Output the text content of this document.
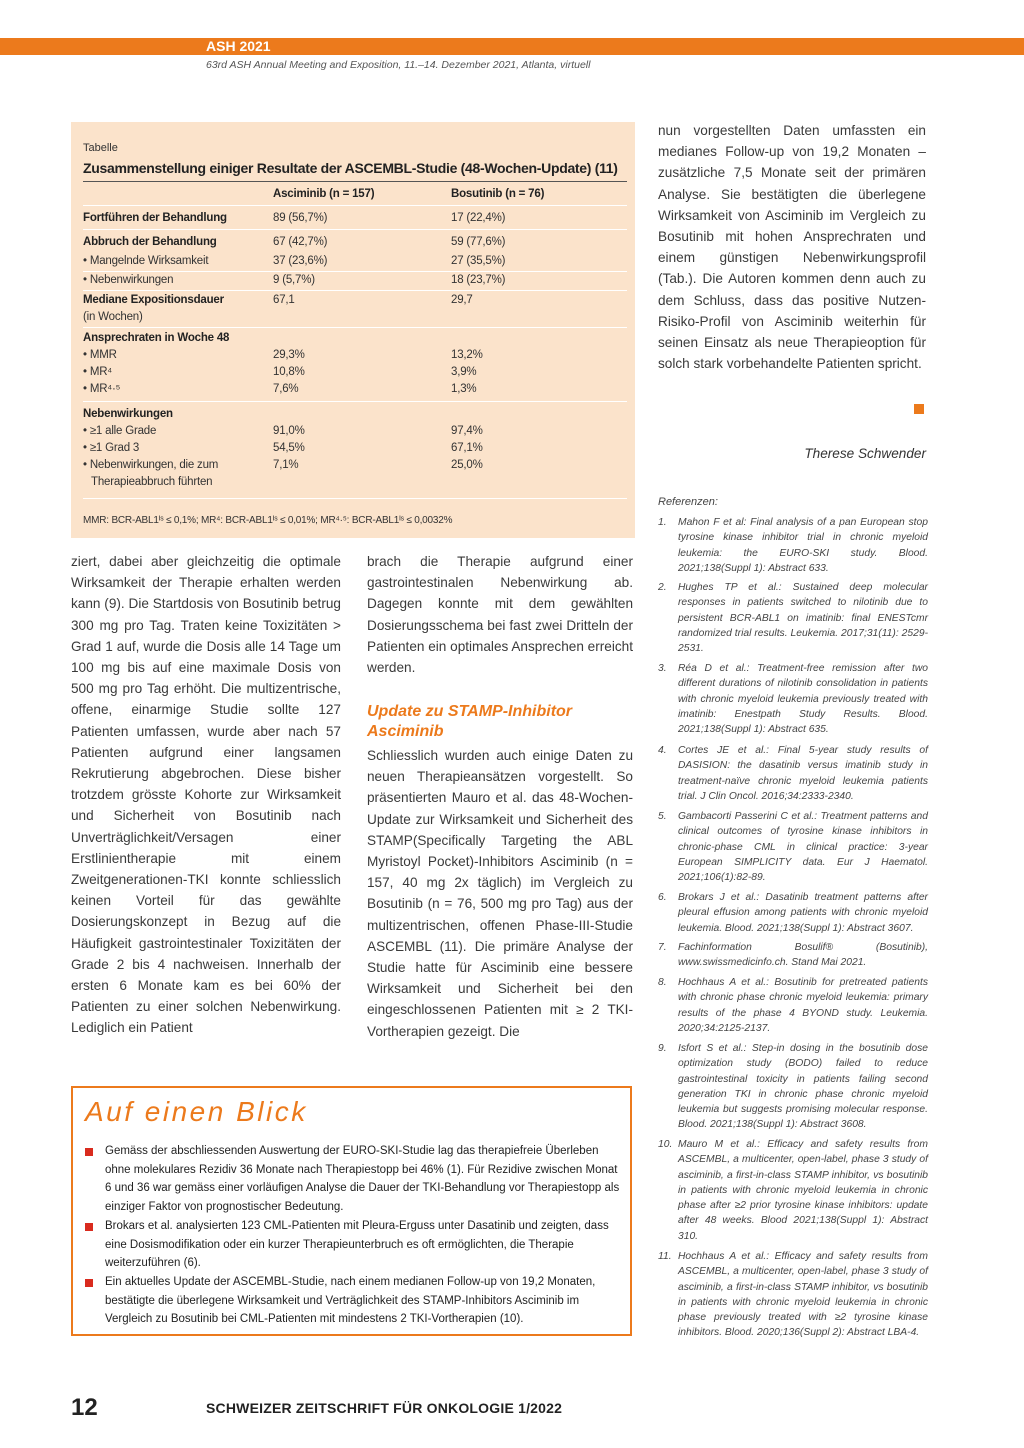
ASH 2021
63rd ASH Annual Meeting and Exposition, 11.–14. Dezember 2021, Atlanta, virtuell
Tabelle
Zusammenstellung einiger Resultate der ASCEMBL-Studie (48-Wochen-Update) (11)
Asciminib (n = 157)	Bosutinib (n = 76)
Fortführen der Behandlung	89 (56,7%)	17 (22,4%)
Abbruch der Behandlung	67 (42,7%)	59 (77,6%)
• Mangelnde Wirksamkeit	37 (23,6%)	27 (35,5%)
• Nebenwirkungen	9 (5,7%)	18 (23,7%)
Mediane Expositionsdauer
(in Wochen)
67,1	29,7
Ansprechraten in Woche 48
• MMR	29,3%	13,2%
• MR⁴	10,8%	3,9%
• MR⁴·⁵	7,6%	1,3%
Nebenwirkungen
• ≥1 alle Grade	91,0%	97,4%
• ≥1 Grad 3	54,5%	67,1%
• Nebenwirkungen, die zum
Therapieabbruch führten
7,1%	25,0%
MMR: BCR-ABL1ᴵˢ ≤ 0,1%; MR⁴: BCR-ABL1ᴵˢ ≤ 0,01%; MR⁴·⁵: BCR-ABL1ᴵˢ ≤ 0,0032%

ziert, dabei aber gleichzeitig die optimale Wirksamkeit der Therapie erhalten werden kann (9). Die Startdosis von Bosutinib betrug 300 mg pro Tag. Traten keine Toxizitäten > Grad 1 auf, wurde die Dosis alle 14 Tage um 100 mg bis auf eine maximale Dosis von 500 mg pro Tag erhöht. Die multizentrische, offene, einarmige Studie sollte 127 Patienten umfassen, wurde aber nach 57 Patienten aufgrund einer langsamen Rekrutierung abgebrochen. Diese bisher trotzdem grösste Kohorte zur Wirksamkeit und Sicherheit von Bosutinib nach Unverträglichkeit/Versagen einer Erstlinientherapie mit einem Zweitgenerationen-TKI konnte schliesslich keinen Vorteil für das gewählte Dosierungskonzept in Bezug auf die Häufigkeit gastrointestinaler Toxizitäten der Grade 2 bis 4 nachweisen. Innerhalb der ersten 6 Monate kam es bei 60% der Patienten zu einer solchen Nebenwirkung. Lediglich ein Patient

brach die Therapie aufgrund einer gastrointestinalen Nebenwirkung ab. Dagegen konnte mit dem gewählten Dosierungsschema bei fast zwei Dritteln der Patienten ein optimales Ansprechen erreicht werden.

Update zu STAMP-Inhibitor Asciminib

Schliesslich wurden auch einige Daten zu neuen Therapieansätzen vorgestellt. So präsentierten Mauro et al. das 48-Wochen-Update zur Wirksamkeit und Sicherheit des STAMP(Specifically Targeting the ABL Myristoyl Pocket)-Inhibitors Asciminib (n = 157, 40 mg 2x täglich) im Vergleich zu Bosutinib (n = 76, 500 mg pro Tag) aus der multizentrischen, offenen Phase-III-Studie ASCEMBL (11). Die primäre Analyse der Studie hatte für Asciminib eine bessere Wirksamkeit und Sicherheit bei den eingeschlossenen Patienten mit ≥ 2 TKI-Vortherapien gezeigt. Die

nun vorgestellten Daten umfassten ein medianes Follow-up von 19,2 Monaten – zusätzliche 7,5 Monate seit der primären Analyse. Sie bestätigten die überlegene Wirksamkeit von Asciminib im Vergleich zu Bosutinib mit hohen Ansprechraten und einem günstigen Nebenwirkungsprofil (Tab.). Die Autoren kommen denn auch zu dem Schluss, dass das positive Nutzen-Risiko-Profil von Asciminib weiterhin für seinen Einsatz als neue Therapieoption für solch stark vorbehandelte Patienten spricht.

Therese Schwender
Auf einen Blick
Gemäss der abschliessenden Auswertung der EURO-SKI-Studie lag das therapiefreie Überleben ohne molekulares Rezidiv 36 Monate nach Therapiestopp bei 46% (1). Für Rezidive zwischen Monat 6 und 36 war gemäss einer vorläufigen Analyse die Dauer der TKI-Behandlung vor Therapiestopp als einziger Faktor von prognostischer Bedeutung.
Brokars et al. analysierten 123 CML-Patienten mit Pleura-Erguss unter Dasatinib und zeigten, dass eine Dosismodifikation oder ein kurzer Therapieunterbruch es oft ermöglichten, die Therapie weiterzuführen (6).
Ein aktuelles Update der ASCEMBL-Studie, nach einem medianen Follow-up von 19,2 Monaten, bestätigte die überlegene Wirksamkeit und Verträglichkeit des STAMP-Inhibitors Asciminib im Vergleich zu Bosutinib bei CML-Patienten mit mindestens 2 TKI-Vortherapien (10).
Referenzen:
1. Mahon F et al: Final analysis of a pan European stop tyrosine kinase inhibitor trial in chronic myeloid leukemia: the EURO-SKI study. Blood. 2021;138(Suppl 1): Abstract 633.
2. Hughes TP et al.: Sustained deep molecular responses in patients switched to nilotinib due to persistent BCR-ABL1 on imatinib: final ENESTcmr randomized trial results. Leukemia. 2017;31(11): 2529-2531.
3. Réa D et al.: Treatment-free remission after two different durations of nilotinib consolidation in patients with chronic myeloid leukemia previously treated with imatinib: Enestpath Study Results. Blood. 2021;138(Suppl 1): Abstract 635.
4. Cortes JE et al.: Final 5-year study results of DASISION: the dasatinib versus imatinib study in treatment-naïve chronic myeloid leukemia patients trial. J Clin Oncol. 2016;34:2333-2340.
5. Gambacorti Passerini C et al.: Treatment patterns and clinical outcomes of tyrosine kinase inhibitors in chronic-phase CML in clinical practice: 3-year European SIMPLICITY data. Eur J Haematol. 2021;106(1):82-89.
6. Brokars J et al.: Dasatinib treatment patterns after pleural effusion among patients with chronic myeloid leukemia. Blood. 2021;138(Suppl 1): Abstract 3607.
7. Fachinformation Bosulif® (Bosutinib), www.swissmedicinfo.ch. Stand Mai 2021.
8. Hochhaus A et al.: Bosutinib for pretreated patients with chronic phase chronic myeloid leukemia: primary results of the phase 4 BYOND study. Leukemia. 2020;34:2125-2137.
9. Isfort S et al.: Step-in dosing in the bosutinib dose optimization study (BODO) failed to reduce gastrointestinal toxicity in patients failing second generation TKI in chronic phase chronic myeloid leukemia but suggests promising molecular response. Blood. 2021;138(Suppl 1): Abstract 3608.
10. Mauro M et al.: Efficacy and safety results from ASCEMBL, a multicenter, open-label, phase 3 study of asciminib, a first-in-class STAMP inhibitor, vs bosutinib in patients with chronic myeloid leukemia in chronic phase after ≥2 prior tyrosine kinase inhibitors: update after 48 weeks. Blood 2021;138(Suppl 1): Abstract 310.
11. Hochhaus A et al.: Efficacy and safety results from ASCEMBL, a multicenter, open-label, phase 3 study of asciminib, a first-in-class STAMP inhibitor, vs bosutinib in patients with chronic myeloid leukemia in chronic phase previously treated with ≥2 tyrosine kinase inhibitors. Blood. 2020;136(Suppl 2): Abstract LBA-4.
12	SCHWEIZER ZEITSCHRIFT FÜR ONKOLOGIE 1/2022
